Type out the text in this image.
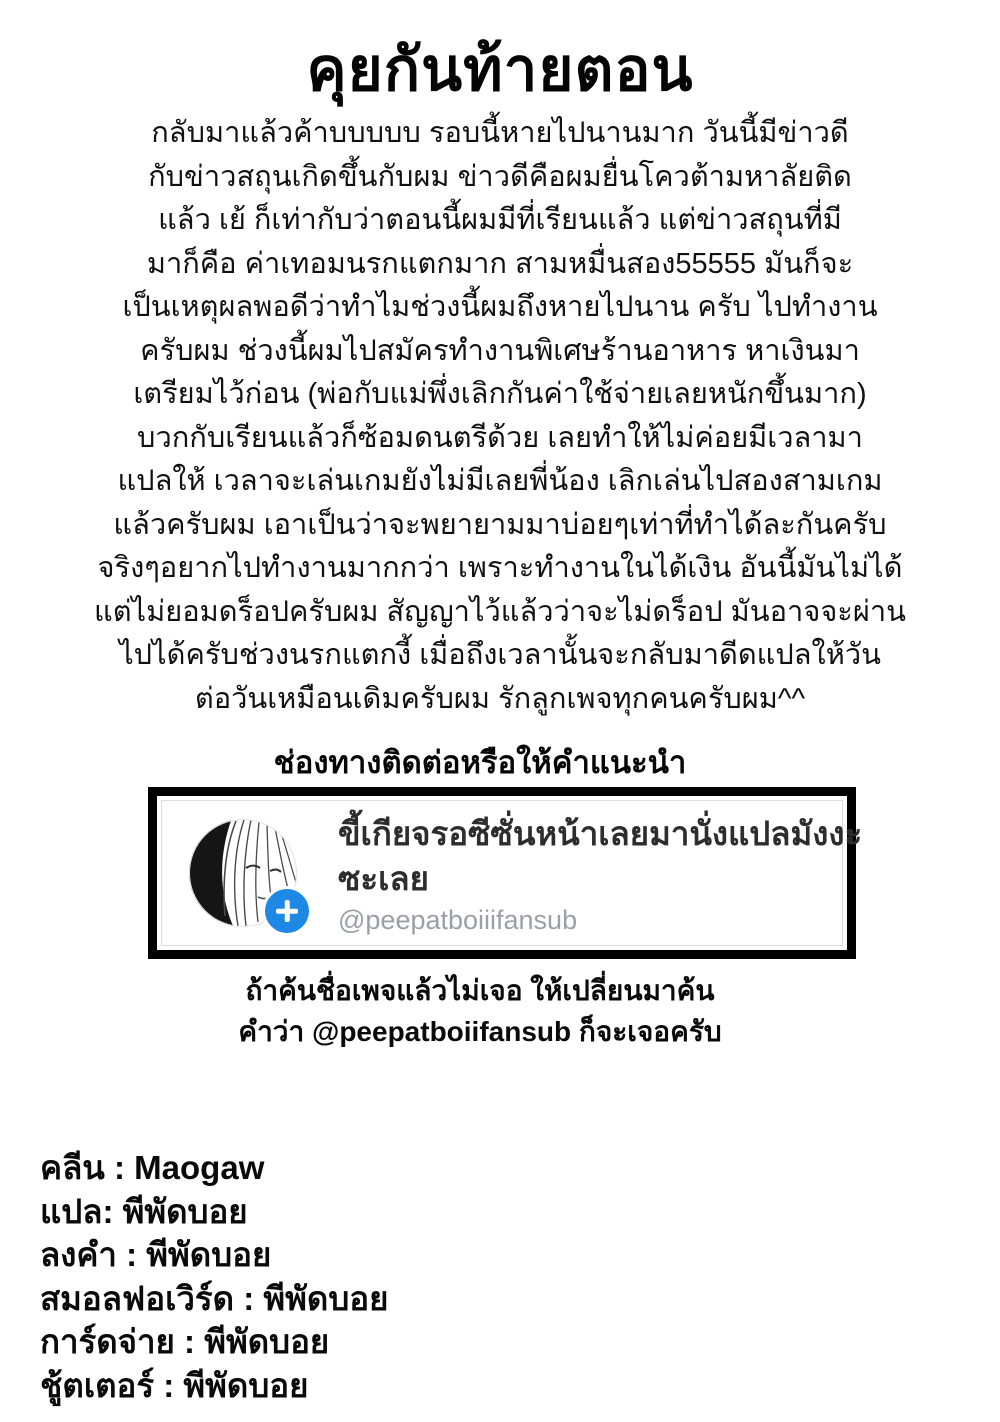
คุยกันท้ายตอน
กลับมาแล้วค้าบบบบบ รอบนี้หายไปนานมาก วันนี้มีข่าวดี
กับข่าวสถุนเกิดขึ้นกับผม ข่าวดีคือผมยื่นโควต้ามหาลัยติด
แล้ว เย้ ก็เท่ากับว่าตอนนี้ผมมีที่เรียนแล้ว แต่ข่าวสถุนที่มี
มาก็คือ ค่าเทอมนรกแตกมาก สามหมื่นสอง55555 มันก็จะ
เป็นเหตุผลพอดีว่าทำไมช่วงนี้ผมถึงหายไปนาน ครับ ไปทำงาน
ครับผม ช่วงนี้ผมไปสมัครทำงานพิเศษร้านอาหาร หาเงินมา
เตรียมไว้ก่อน (พ่อกับแม่พึ่งเลิกกันค่าใช้จ่ายเลยหนักขึ้นมาก)
บวกกับเรียนแล้วก็ซ้อมดนตรีด้วย เลยทำให้ไม่ค่อยมีเวลามา
แปลให้ เวลาจะเล่นเกมยังไม่มีเลยพี่น้อง เลิกเล่นไปสองสามเกม
แล้วครับผม เอาเป็นว่าจะพยายามมาบ่อยๆเท่าที่ทำได้ละกันครับ
จริงๆอยากไปทำงานมากกว่า เพราะทำงานในได้เงิน อันนี้มันไม่ได้
แต่ไม่ยอมดร็อปครับผม สัญญาไว้แล้วว่าจะไม่ดร็อป มันอาจจะผ่าน
ไปได้ครับช่วงนรกแตกงี้ เมื่อถึงเวลานั้นจะกลับมาดีดแปลให้วัน
ต่อวันเหมือนเดิมครับผม รักลูกเพจทุกคนครับผม^^
ช่องทางติดต่อหรือให้คำแนะนำ
ขี้เกียจรอซีซั่นหน้าเลยมานั่งแปลมังงะ
ซะเลย
@peepatboiiifansub
ถ้าค้นชื่อเพจแล้วไม่เจอ ให้เปลี่ยนมาค้น
คำว่า @peepatboiifansub ก็จะเจอครับ
คลีน : Maogaw
แปล: พีพัดบอย
ลงคำ : พีพัดบอย
สมอลฟอเวิร์ด : พีพัดบอย
การ์ดจ่าย : พีพัดบอย
ชู้ตเตอร์ : พีพัดบอย
